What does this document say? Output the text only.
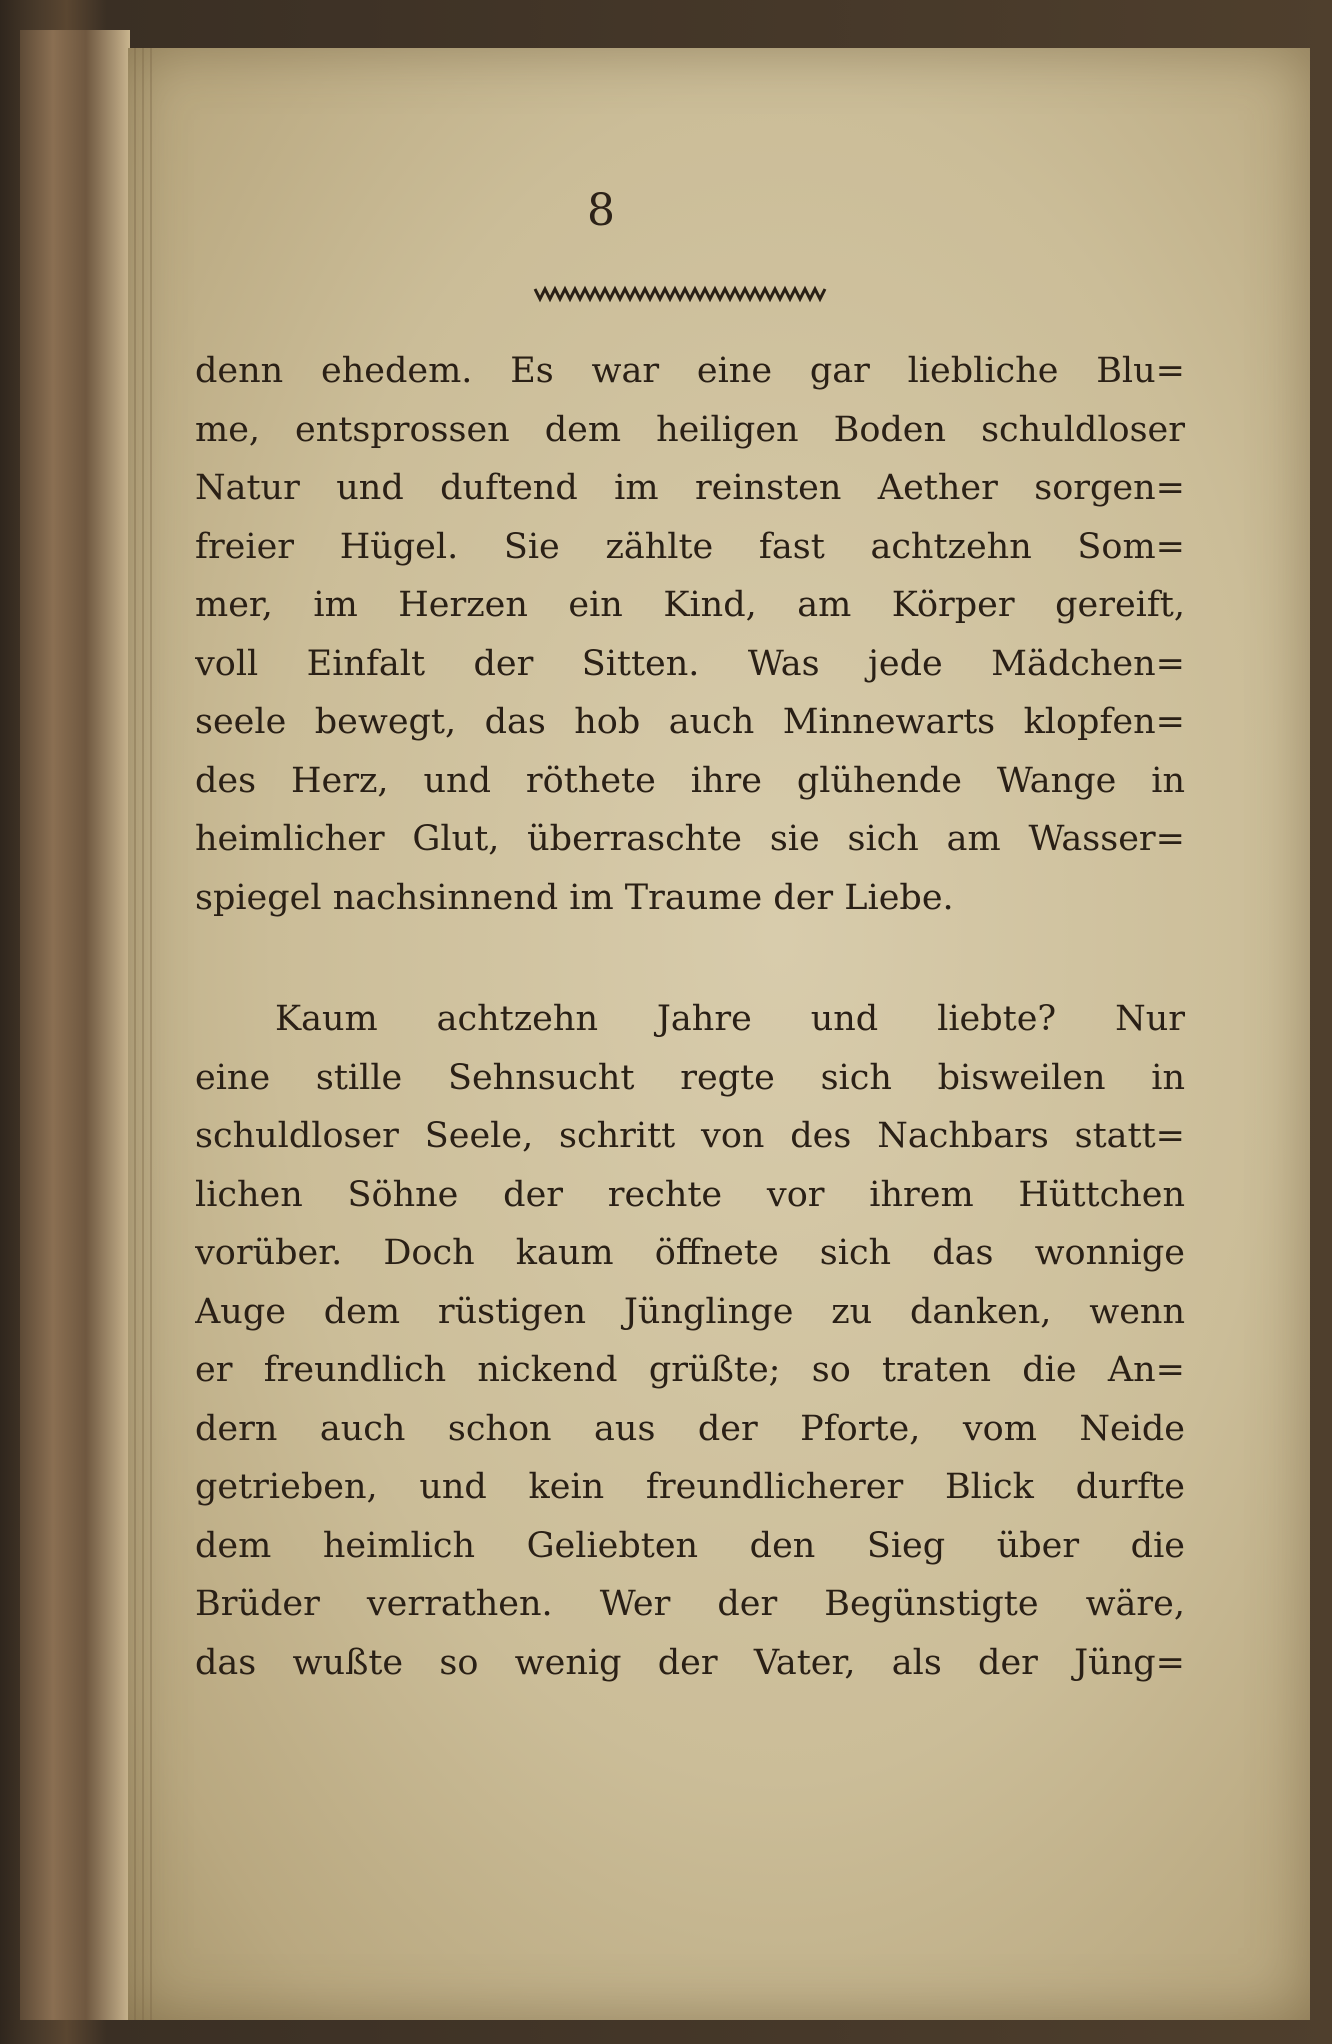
8
denn ehedem. Es war eine gar liebliche Blu=
me, entsprossen dem heiligen Boden schuldloser
Natur und duftend im reinsten Aether sorgen=
freier Hügel. Sie zählte fast achtzehn Som=
mer, im Herzen ein Kind, am Körper gereift,
voll Einfalt der Sitten. Was jede Mädchen=
seele bewegt, das hob auch Minnewarts klopfen=
des Herz, und röthete ihre glühende Wange in
heimlicher Glut, überraschte sie sich am Wasser=
spiegel nachsinnend im Traume der Liebe.
Kaum achtzehn Jahre und liebte? Nur
eine stille Sehnsucht regte sich bisweilen in
schuldloser Seele, schritt von des Nachbars statt=
lichen Söhne der rechte vor ihrem Hüttchen
vorüber. Doch kaum öffnete sich das wonnige
Auge dem rüstigen Jünglinge zu danken, wenn
er freundlich nickend grüßte; so traten die An=
dern auch schon aus der Pforte, vom Neide
getrieben, und kein freundlicherer Blick durfte
dem heimlich Geliebten den Sieg über die
Brüder verrathen. Wer der Begünstigte wäre,
das wußte so wenig der Vater, als der Jüng=
